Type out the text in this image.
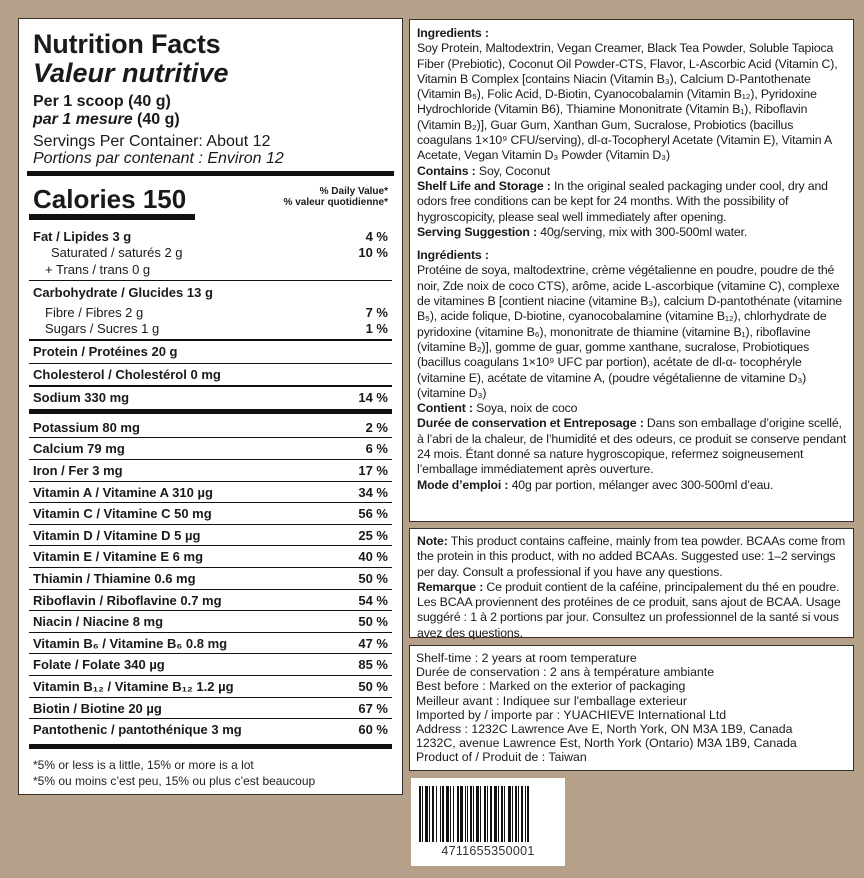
Nutrition Facts
Valeur nutritive
Per 1 scoop (40 g)
par 1 mesure (40 g)
Servings Per Container: About 12
Portions par contenant : Environ 12
Calories 150	% Daily Value*
% valeur quotidienne*
Fat / Lipides 3 g	4 %
Saturated / saturés 2 g	10 %
+ Trans / trans 0 g
Carbohydrate / Glucides 13 g
Fibre / Fibres 2 g	7 %
Sugars / Sucres 1 g	1 %
Protein / Protéines 20 g
Cholesterol / Cholestérol 0 mg
Sodium 330 mg	14 %
Potassium 80 mg	2 %
Calcium 79 mg	6 %
Iron / Fer 3 mg	17 %
Vitamin A / Vitamine A 310 µg	34 %
Vitamin C / Vitamine C 50 mg	56 %
Vitamin D / Vitamine D 5 µg	25 %
Vitamin E / Vitamine E 6 mg	40 %
Thiamin / Thiamine 0.6 mg	50 %
Riboflavin / Riboflavine 0.7 mg	54 %
Niacin / Niacine 8 mg	50 %
Vitamin B₆ / Vitamine B₆ 0.8 mg	47 %
Folate / Folate 340 µg	85 %
Vitamin B₁₂ / Vitamine B₁₂ 1.2 µg	50 %
Biotin / Biotine 20 µg	67 %
Pantothenic / pantothénique 3 mg	60 %
*5% or less is a little, 15% or more is a lot
*5% ou moins c’est peu, 15% ou plus c’est beaucoup
Ingredients :
Soy Protein, Maltodextrin, Vegan Creamer, Black Tea Powder, Soluble Tapioca Fiber (Prebiotic), Coconut Oil Powder-CTS, Flavor, L-Ascorbic Acid (Vitamin C), Vitamin B Complex [contains Niacin (Vitamin B₃), Calcium D-Pantothenate (Vitamin B₅), Folic Acid, D-Biotin, Cyanocobalamin (Vitamin B₁₂), Pyridoxine Hydrochloride (Vitamin B6), Thiamine Mononitrate (Vitamin B₁), Riboflavin (Vitamin B₂)], Guar Gum, Xanthan Gum, Sucralose, Probiotics (bacillus coagulans 1×10⁹ CFU/serving), dl-α-Tocopheryl Acetate (Vitamin E), Vitamin A Acetate, Vegan Vitamin D₃ Powder (Vitamin D₃)
Contains : Soy, Coconut
Shelf Life and Storage : In the original sealed packaging under cool, dry and odors free conditions can be kept for 24 months. With the possibility of hygroscopicity, please seal well immediately after opening.
Serving Suggestion : 40g/serving, mix with 300-500ml water.
Ingrédients :
Protéine de soya, maltodextrine, crème végétalienne en poudre, poudre de thé noir, Zde noix de coco CTS), arôme, acide L-ascorbique (vitamine C), complexe de vitamines B [contient niacine (vitamine B₃), calcium D-pantothénate (vitamine B₅), acide folique, D-biotine, cyanocobalamine (vitamine B₁₂), chlorhydrate de pyridoxine (vitamine B₆), mononitrate de thiamine (vitamine B₁), riboflavine (vitamine B₂)], gomme de guar, gomme xanthane, sucralose, Probiotiques (bacillus coagulans 1×10⁹ UFC par portion), acétate de dl-α- tocophéryle (vitamine E), acétate de vitamine A, (poudre végétalienne de vitamine D₃) (vitamine D₃)
Contient : Soya, noix de coco
Durée de conservation et Entreposage : Dans son emballage d’origine scellé, à l’abri de la chaleur, de l’humidité et des odeurs, ce produit se conserve pendant 24 mois. Étant donné sa nature hygroscopique, refermez soigneusement l’emballage immédiatement après ouverture.
Mode d’emploi : 40g par portion, mélanger avec 300-500ml d’eau.
Note: This product contains caffeine, mainly from tea powder. BCAAs come from the protein in this product, with no added BCAAs. Suggested use: 1–2 servings per day. Consult a professional if you have any questions.
Remarque : Ce produit contient de la caféine, principalement du thé en poudre. Les BCAA proviennent des protéines de ce produit, sans ajout de BCAA. Usage suggéré : 1 à 2 portions par jour. Consultez un professionnel de la santé si vous avez des questions.
Shelf-time : 2 years at room temperature
Durée de conservation : 2 ans à température ambiante
Best before : Marked on the exterior of packaging
Meilleur avant : Indiquee sur l'emballage exterieur
Imported by / importe par : YUACHIEVE International Ltd
Address : 1232C Lawrence Ave E, North York, ON M3A 1B9, Canada
1232C, avenue Lawrence Est, North York (Ontario) M3A 1B9, Canada
Product of / Produit de : Taiwan
4711655350001
